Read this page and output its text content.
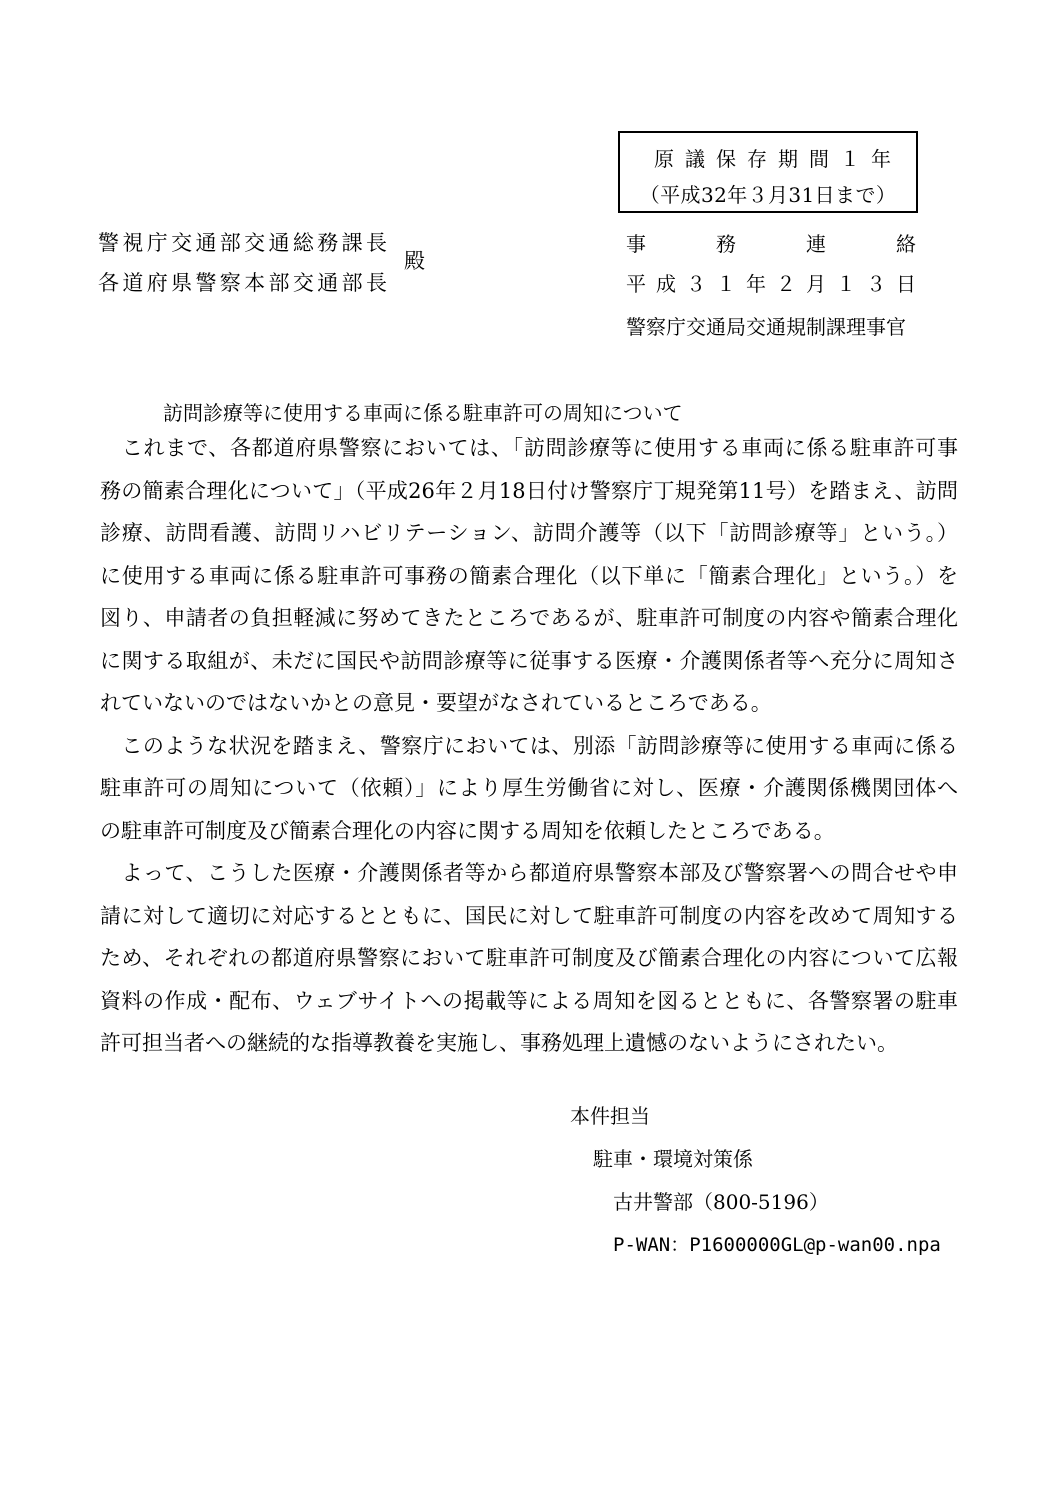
原議保存期間１年
（平成32年３月31日まで）
警視庁交通部交通総務課長
各道府県警察本部交通部長
殿
事	務	連	絡
平 成 ３ １ 年 ２ 月 １ ３ 日
警察庁交通局交通規制課理事官
訪問診療等に使用する車両に係る駐車許可の周知について
　これまで、各都道府県警察においては、「訪問診療等に使用する車両に係る駐車許可事
務の簡素合理化について」（平成26年２月18日付け警察庁丁規発第11号）を踏まえ、訪問
診療、訪問看護、訪問リハビリテーション、訪問介護等（以下「訪問診療等」という。）
に使用する車両に係る駐車許可事務の簡素合理化（以下単に「簡素合理化」という。）を
図り、申請者の負担軽減に努めてきたところであるが、駐車許可制度の内容や簡素合理化
に関する取組が、未だに国民や訪問診療等に従事する医療・介護関係者等へ充分に周知さ
れていないのではないかとの意見・要望がなされているところである。
　このような状況を踏まえ、警察庁においては、別添「訪問診療等に使用する車両に係る
駐車許可の周知について（依頼）」により厚生労働省に対し、医療・介護関係機関団体へ
の駐車許可制度及び簡素合理化の内容に関する周知を依頼したところである。
　よって、こうした医療・介護関係者等から都道府県警察本部及び警察署への問合せや申
請に対して適切に対応するとともに、国民に対して駐車許可制度の内容を改めて周知する
ため、それぞれの都道府県警察において駐車許可制度及び簡素合理化の内容について広報
資料の作成・配布、ウェブサイトへの掲載等による周知を図るとともに、各警察署の駐車
許可担当者への継続的な指導教養を実施し、事務処理上遺憾のないようにされたい。
本件担当
駐車・環境対策係
古井警部（800-5196）
P-WAN：P1600000GL@p-wan00.npa
